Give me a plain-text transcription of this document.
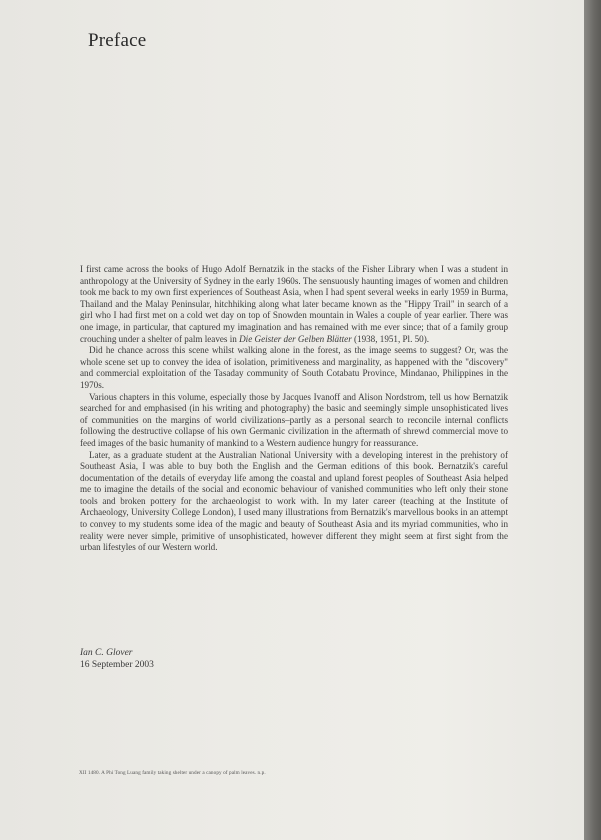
Preface

I first came across the books of Hugo Adolf Bernatzik in the stacks of the Fisher Library when I was a student in anthropology at the University of Sydney in the early 1960s. The sensuously haunting images of women and children took me back to my own first experiences of Southeast Asia, when I had spent several weeks in early 1959 in Burma, Thailand and the Malay Peninsular, hitchhiking along what later became known as the "Hippy Trail" in search of a girl who I had first met on a cold wet day on top of Snowden mountain in Wales a couple of year earlier. There was one image, in particular, that captured my imagination and has remained with me ever since; that of a family group crouching under a shelter of palm leaves in Die Geister der Gelben Blätter (1938, 1951, Pl. 50).

Did he chance across this scene whilst walking alone in the forest, as the image seems to suggest? Or, was the whole scene set up to convey the idea of isolation, primitiveness and marginality, as happened with the "discovery" and commercial exploitation of the Tasaday community of South Cotabatu Province, Mindanao, Philippines in the 1970s.

Various chapters in this volume, especially those by Jacques Ivanoff and Alison Nordstrom, tell us how Bernatzik searched for and emphasised (in his writing and photography) the basic and seemingly simple unsophisticated lives of communities on the margins of world civilizations–partly as a personal search to reconcile internal conflicts following the destructive collapse of his own Germanic civilization in the aftermath of shrewd commercial move to feed images of the basic humanity of mankind to a Western audience hungry for reassurance.

Later, as a graduate student at the Australian National University with a developing interest in the prehistory of Southeast Asia, I was able to buy both the English and the German editions of this book. Bernatzik's careful documentation of the details of everyday life among the coastal and upland forest peoples of Southeast Asia helped me to imagine the details of the social and economic behaviour of vanished communities who left only their stone tools and broken pottery for the archaeologist to work with. In my later career (teaching at the Institute of Archaeology, University College London), I used many illustrations from Bernatzik's marvellous books in an attempt to convey to my students some idea of the magic and beauty of Southeast Asia and its myriad communities, who in reality were never simple, primitive of unsophisticated, however different they might seem at first sight from the urban lifestyles of our Western world.

Ian C. Glover
16 September 2003
XII 1480. A Phi Tong Luang family taking shelter under a canopy of palm leaves. n.p.
